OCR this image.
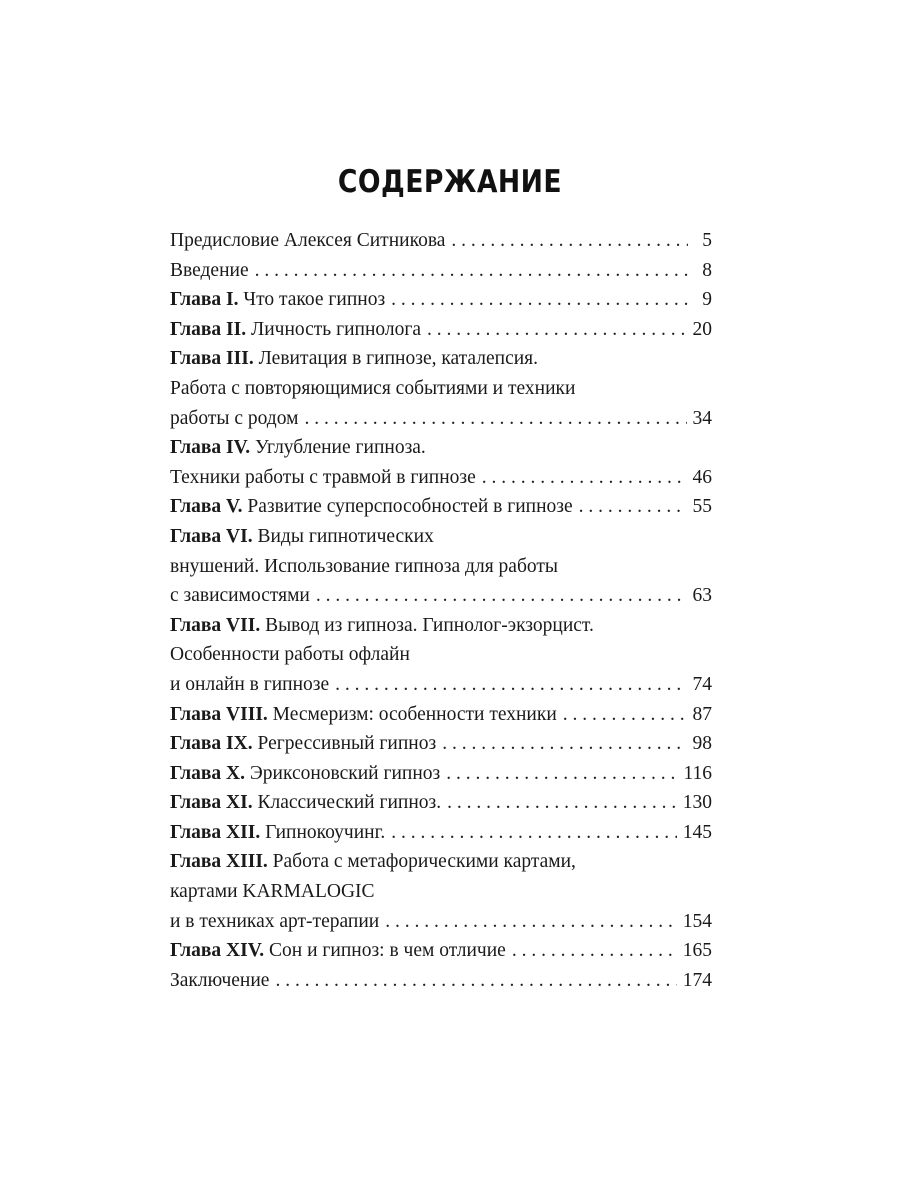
СОДЕРЖАНИЕ
Предисловие Алексея Ситникова . . .	5
Введение . . .	8
Глава I. Что такое гипноз . . .	9
Глава II. Личность гипнолога . . .	20
Глава III. Левитация в гипнозе, каталепсия.
Работа с повторяющимися событиями и техники
работы с родом . . .	34
Глава IV. Углубление гипноза.
Техники работы с травмой в гипнозе . . .	46
Глава V. Развитие суперспособностей в гипнозе . . .	55
Глава VI. Виды гипнотических
внушений. Использование гипноза для работы
с зависимостями . . .	63
Глава VII. Вывод из гипноза. Гипнолог-экзорцист.
Особенности работы офлайн
и онлайн в гипнозе . . .	74
Глава VIII. Месмеризм: особенности техники . . .	87
Глава IX. Регрессивный гипноз . . .	98
Глава X. Эриксоновский гипноз . . .	116
Глава XI. Классический гипноз. . . .	130
Глава XII. Гипнокоучинг. . . .	145
Глава XIII. Работа с метафорическими картами,
картами KARMALOGIC
и в техниках арт-терапии . . .	154
Глава XIV. Сон и гипноз: в чем отличие . . .	165
Заключение . . .	174
